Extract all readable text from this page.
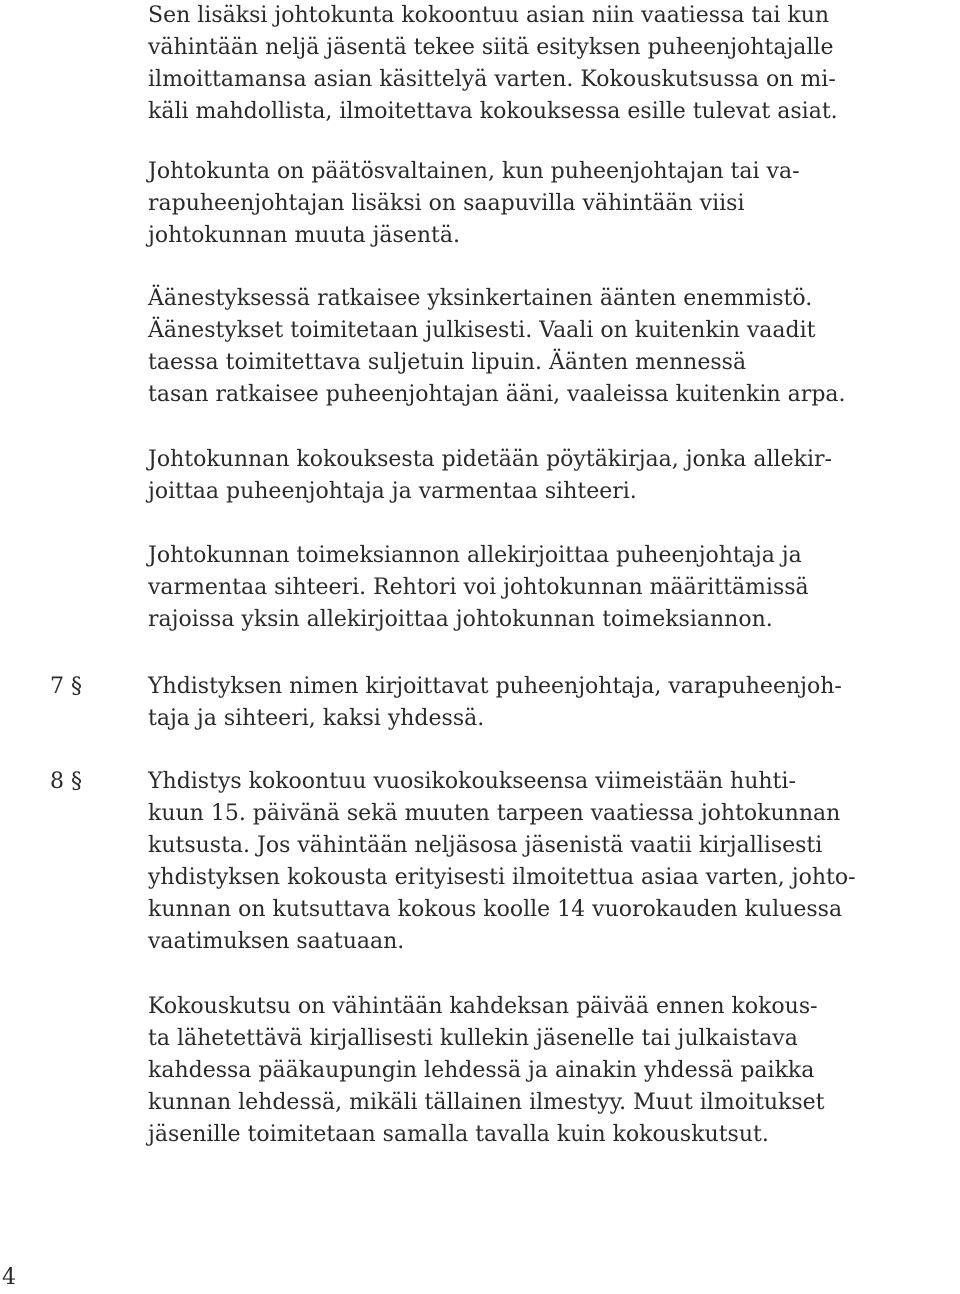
Sen lisäksi johtokunta kokoontuu asian niin vaatiessa tai kun
vähintään neljä jäsentä tekee siitä esityksen puheenjohtajalle
ilmoittamansa asian käsittelyä varten. Kokouskutsussa on mi-
käli mahdollista, ilmoitettava kokouksessa esille tulevat asiat.
Johtokunta on päätösvaltainen, kun puheenjohtajan tai va-
rapuheenjohtajan lisäksi on saapuvilla vähintään viisi
johtokunnan muuta jäsentä.
Äänestyksessä ratkaisee yksinkertainen äänten enemmistö.
Äänestykset toimitetaan julkisesti. Vaali on kuitenkin vaadit
taessa toimitettava suljetuin lipuin. Äänten mennessä
tasan ratkaisee puheenjohtajan ääni, vaaleissa kuitenkin arpa.
Johtokunnan kokouksesta pidetään pöytäkirjaa, jonka allekir-
joittaa puheenjohtaja ja varmentaa sihteeri.
Johtokunnan toimeksiannon allekirjoittaa puheenjohtaja ja
varmentaa sihteeri. Rehtori voi johtokunnan määrittämissä
rajoissa yksin allekirjoittaa johtokunnan toimeksiannon.
7 §	Yhdistyksen nimen kirjoittavat puheenjohtaja, varapuheenjoh-
taja ja sihteeri, kaksi yhdessä.
8 §	Yhdistys kokoontuu vuosikokoukseensa viimeistään huhti-
kuun 15. päivänä sekä muuten tarpeen vaatiessa johtokunnan
kutsusta. Jos vähintään neljäsosa jäsenistä vaatii kirjallisesti
yhdistyksen kokousta erityisesti ilmoitettua asiaa varten, johto-
kunnan on kutsuttava kokous koolle 14 vuorokauden kuluessa
vaatimuksen saatuaan.
Kokouskutsu on vähintään kahdeksan päivää ennen kokous-
ta lähetettävä kirjallisesti kullekin jäsenelle tai julkaistava
kahdessa pääkaupungin lehdessä ja ainakin yhdessä paikka
kunnan lehdessä, mikäli tällainen ilmestyy. Muut ilmoitukset
jäsenille toimitetaan samalla tavalla kuin kokouskutsut.
4
